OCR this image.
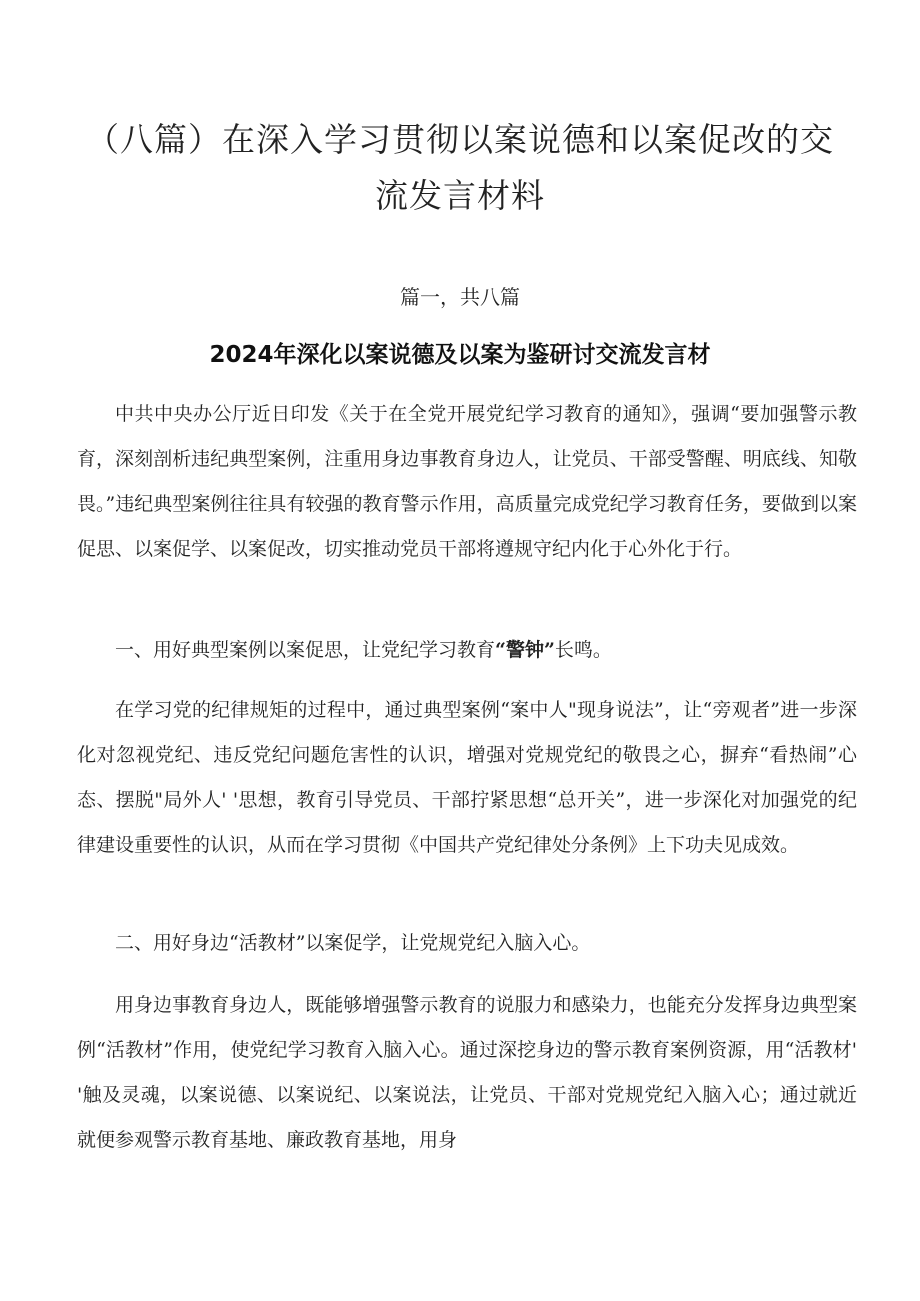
（八篇）在深入学习贯彻以案说德和以案促改的交流发言材料
篇一，共八篇
2024年深化以案说德及以案为鉴研讨交流发言材

中共中央办公厅近日印发《关于在全党开展党纪学习教育的通知》，强调“要加强警示教育，深刻剖析违纪典型案例，注重用身边事教育身边人，让党员、干部受警醒、明底线、知敬畏。”违纪典型案例往往具有较强的教育警示作用，高质量完成党纪学习教育任务，要做到以案促思、以案促学、以案促改，切实推动党员干部将遵规守纪内化于心外化于行。

一、用好典型案例以案促思，让党纪学习教育“警钟”长鸣。

在学习党的纪律规矩的过程中，通过典型案例“案中人"现身说法”，让“旁观者”进一步深化对忽视党纪、违反党纪问题危害性的认识，增强对党规党纪的敬畏之心，摒弃“看热闹”心态、摆脱"局外人' '思想，教育引导党员、干部拧紧思想“总开关”，进一步深化对加强党的纪律建设重要性的认识，从而在学习贯彻《中国共产党纪律处分条例》上下功夫见成效。

二、用好身边“活教材”以案促学，让党规党纪入脑入心。

用身边事教育身边人，既能够增强警示教育的说服力和感染力，也能充分发挥身边典型案例“活教材”作用，使党纪学习教育入脑入心。通过深挖身边的警示教育案例资源，用“活教材' '触及灵魂，以案说德、以案说纪、以案说法，让党员、干部对党规党纪入脑入心；通过就近就便参观警示教育基地、廉政教育基地，用身
